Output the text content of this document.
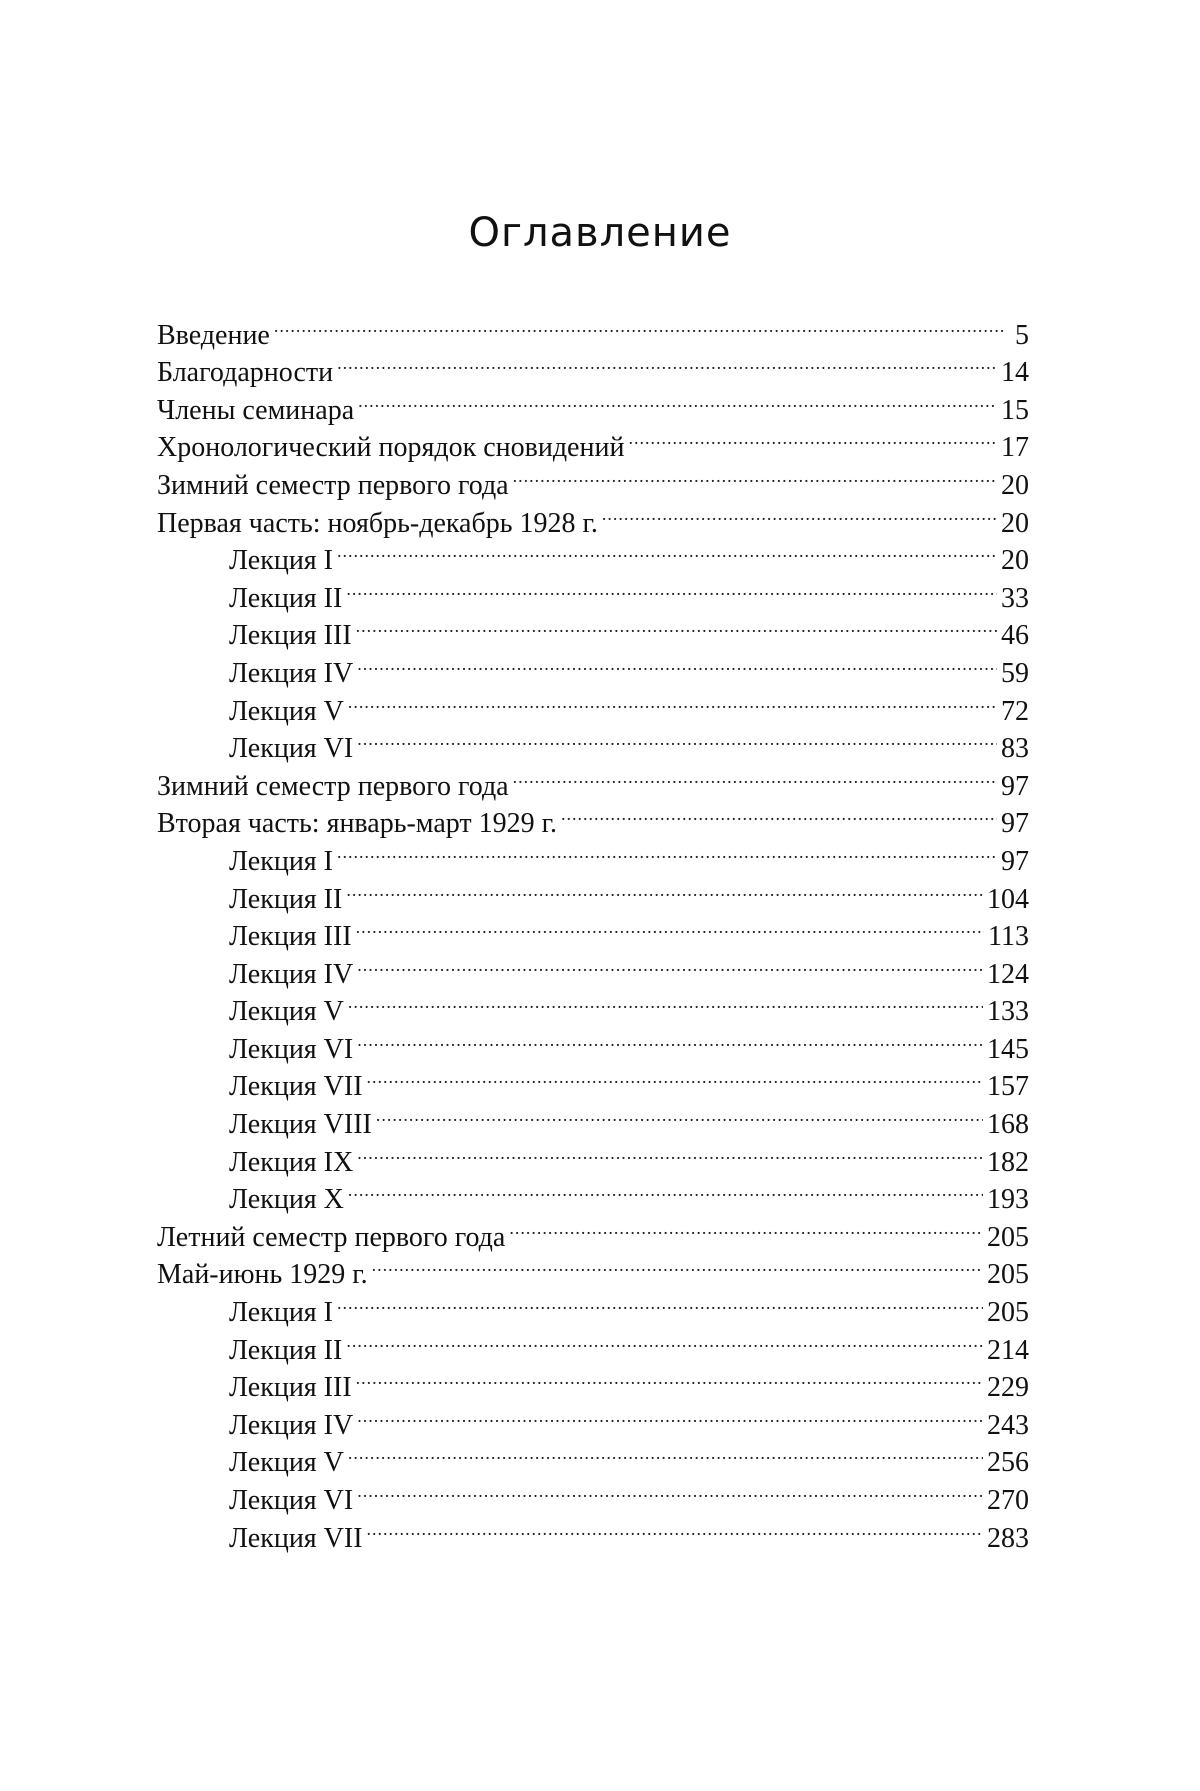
Оглавление
Введение .....	5
Благодарности .....	14
Члены семинара .....	15
Хронологический порядок сновидений .....	17
Зимний семестр первого года .....	20
Первая часть: ноябрь-декабрь 1928 г. .....	20
Лекция I .....	20
Лекция II .....	33
Лекция III .....	46
Лекция IV .....	59
Лекция V .....	72
Лекция VI .....	83
Зимний семестр первого года .....	97
Вторая часть: январь-март 1929 г. .....	97
Лекция I .....	97
Лекция II .....	104
Лекция III .....	113
Лекция IV .....	124
Лекция V .....	133
Лекция VI .....	145
Лекция VII .....	157
Лекция VIII .....	168
Лекция IX .....	182
Лекция X .....	193
Летний семестр первого года .....	205
Май-июнь 1929 г. .....	205
Лекция I .....	205
Лекция II .....	214
Лекция III .....	229
Лекция IV .....	243
Лекция V .....	256
Лекция VI .....	270
Лекция VII .....	283
